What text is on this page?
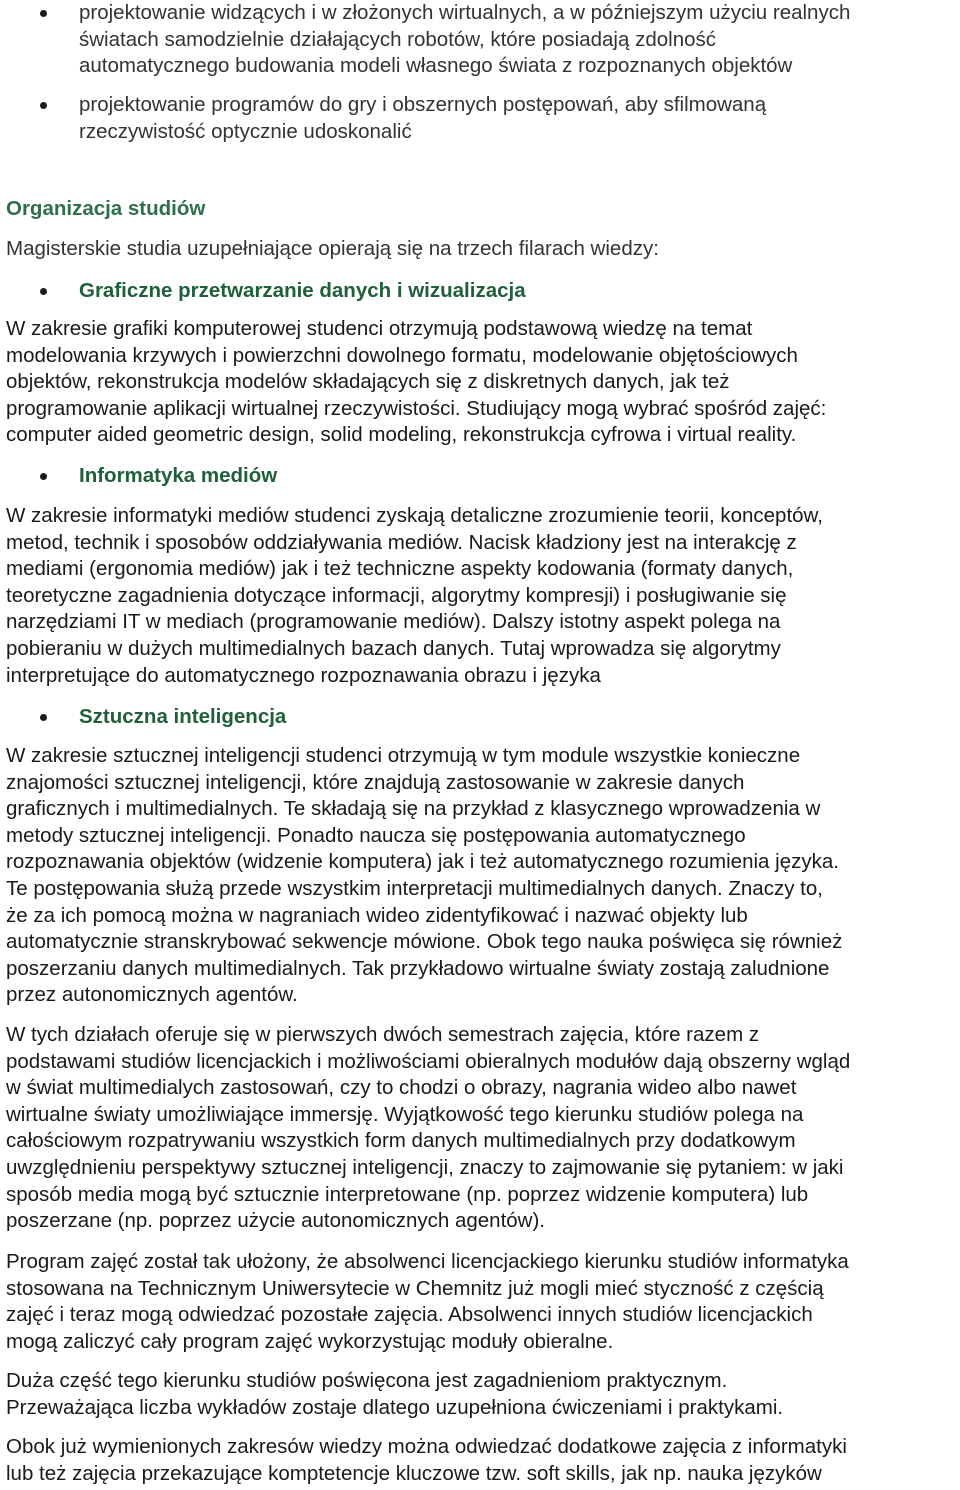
projektowanie widzących i w złożonych wirtualnych, a w późniejszym użyciu realnych
światach samodzielnie działających robotów, które posiadają zdolność
automatycznego budowania modeli własnego świata z rozpoznanych objektów
projektowanie programów do gry i obszernych postępowań, aby sfilmowaną
rzeczywistość optycznie udoskonalić
Organizacja studiów
Magisterskie studia uzupełniające opierają się na trzech filarach wiedzy:
Graficzne przetwarzanie danych i wizualizacja
W zakresie grafiki komputerowej studenci otrzymują podstawową wiedzę na temat
modelowania krzywych i powierzchni dowolnego formatu, modelowanie objętościowych
objektów, rekonstrukcja modelów składających się z diskretnych danych, jak też
programowanie aplikacji wirtualnej rzeczywistości. Studiujący mogą wybrać spośród zajęć:
computer aided geometric design, solid modeling, rekonstrukcja cyfrowa i virtual reality.
Informatyka mediów
W zakresie informatyki mediów studenci zyskają detaliczne zrozumienie teorii, konceptów,
metod, technik i sposobów oddziaływania mediów. Nacisk kładziony jest na interakcję z
mediami (ergonomia mediów) jak i też techniczne aspekty kodowania (formaty danych,
teoretyczne zagadnienia dotyczące informacji, algorytmy kompresji) i posługiwanie się
narzędziami IT w mediach (programowanie mediów). Dalszy istotny aspekt polega na
pobieraniu w dużych multimedialnych bazach danych. Tutaj wprowadza się algorytmy
interpretujące do automatycznego rozpoznawania obrazu i języka
Sztuczna inteligencja
W zakresie sztucznej inteligencji studenci otrzymują w tym module wszystkie konieczne
znajomości sztucznej inteligencji, które znajdują zastosowanie w zakresie danych
graficznych i multimedialnych. Te składają się na przykład z klasycznego wprowadzenia w
metody sztucznej inteligencji. Ponadto naucza się postępowania automatycznego
rozpoznawania objektów (widzenie komputera) jak i też automatycznego rozumienia języka.
Te postępowania służą przede wszystkim interpretacji multimedialnych danych. Znaczy to,
że za ich pomocą można w nagraniach wideo zidentyfikować i nazwać objekty lub
automatycznie stranskrybować sekwencje mówione. Obok tego nauka poświęca się również
poszerzaniu danych multimedialnych. Tak przykładowo wirtualne światy zostają zaludnione
przez autonomicznych agentów.
W tych działach oferuje się w pierwszych dwóch semestrach zajęcia, które razem z
podstawami studiów licencjackich i możliwościami obieralnych modułów dają obszerny wgląd
w świat multimedialych zastosowań, czy to chodzi o obrazy, nagrania wideo albo nawet
wirtualne światy umożliwiające immersję. Wyjątkowość tego kierunku studiów polega na
całościowym rozpatrywaniu wszystkich form danych multimedialnych przy dodatkowym
uwzględnieniu perspektywy sztucznej inteligencji, znaczy to zajmowanie się pytaniem: w jaki
sposób media mogą być sztucznie interpretowane (np. poprzez widzenie komputera) lub
poszerzane (np. poprzez użycie autonomicznych agentów).
Program zajęć został tak ułożony, że absolwenci licencjackiego kierunku studiów informatyka
stosowana na Technicznym Uniwersytecie w Chemnitz już mogli mieć styczność z częścią
zajęć i teraz mogą odwiedzać pozostałe zajęcia. Absolwenci innych studiów licencjackich
mogą zaliczyć cały program zajęć wykorzystując moduły obieralne.
Duża część tego kierunku studiów poświęcona jest zagadnieniom praktycznym.
Przeważająca liczba wykładów zostaje dlatego uzupełniona ćwiczeniami i praktykami.
Obok już wymienionych zakresów wiedzy można odwiedzać dodatkowe zajęcia z informatyki
lub też zajęcia przekazujące komptetencje kluczowe tzw. soft skills, jak np. nauka języków
